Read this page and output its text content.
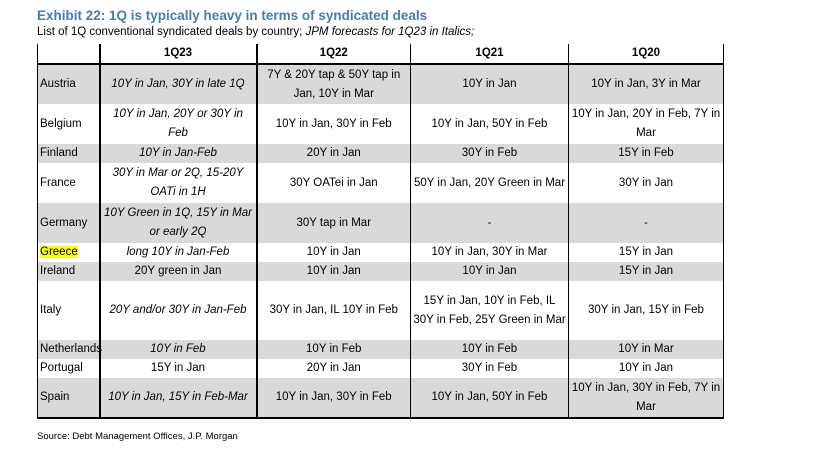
Exhibit 22: 1Q is typically heavy in terms of syndicated deals
List of 1Q conventional syndicated deals by country; JPM forecasts for 1Q23 in Italics;
	1Q23	1Q22	1Q21	1Q20
Austria	10Y in Jan, 30Y in late 1Q	7Y & 20Y tap & 50Y tap in Jan, 10Y in Mar	10Y in Jan	10Y in Jan, 3Y in Mar
Belgium	10Y in Jan, 20Y or 30Y in Feb	10Y in Jan, 30Y in Feb	10Y in Jan, 50Y in Feb	10Y in Jan, 20Y in Feb, 7Y in Mar
Finland	10Y in Jan-Feb	20Y in Jan	30Y in Feb	15Y in Feb
France	30Y in Mar or 2Q, 15-20Y OATi in 1H	30Y OATei in Jan	50Y in Jan, 20Y Green in Mar	30Y in Jan
Germany	10Y Green in 1Q, 15Y in Mar or early 2Q	30Y tap in Mar	-	-
Greece	long 10Y in Jan-Feb	10Y in Jan	10Y in Jan, 30Y in Mar	15Y in Jan
Ireland	20Y green in Jan	10Y in Jan	10Y in Jan	15Y in Jan
Italy	20Y and/or 30Y in Jan-Feb	30Y in Jan, IL 10Y in Feb	15Y in Jan, 10Y in Feb, IL 30Y in Feb, 25Y Green in Mar	30Y in Jan, 15Y in Feb
Netherlands	10Y in Feb	10Y in Feb	10Y in Feb	10Y in Mar
Portugal	15Y in Jan	20Y in Jan	30Y in Feb	10Y in Jan
Spain	10Y in Jan, 15Y in Feb-Mar	10Y in Jan, 30Y in Feb	10Y in Jan, 50Y in Feb	10Y in Jan, 30Y in Feb, 7Y in Mar
Source: Debt Management Offices, J.P. Morgan
